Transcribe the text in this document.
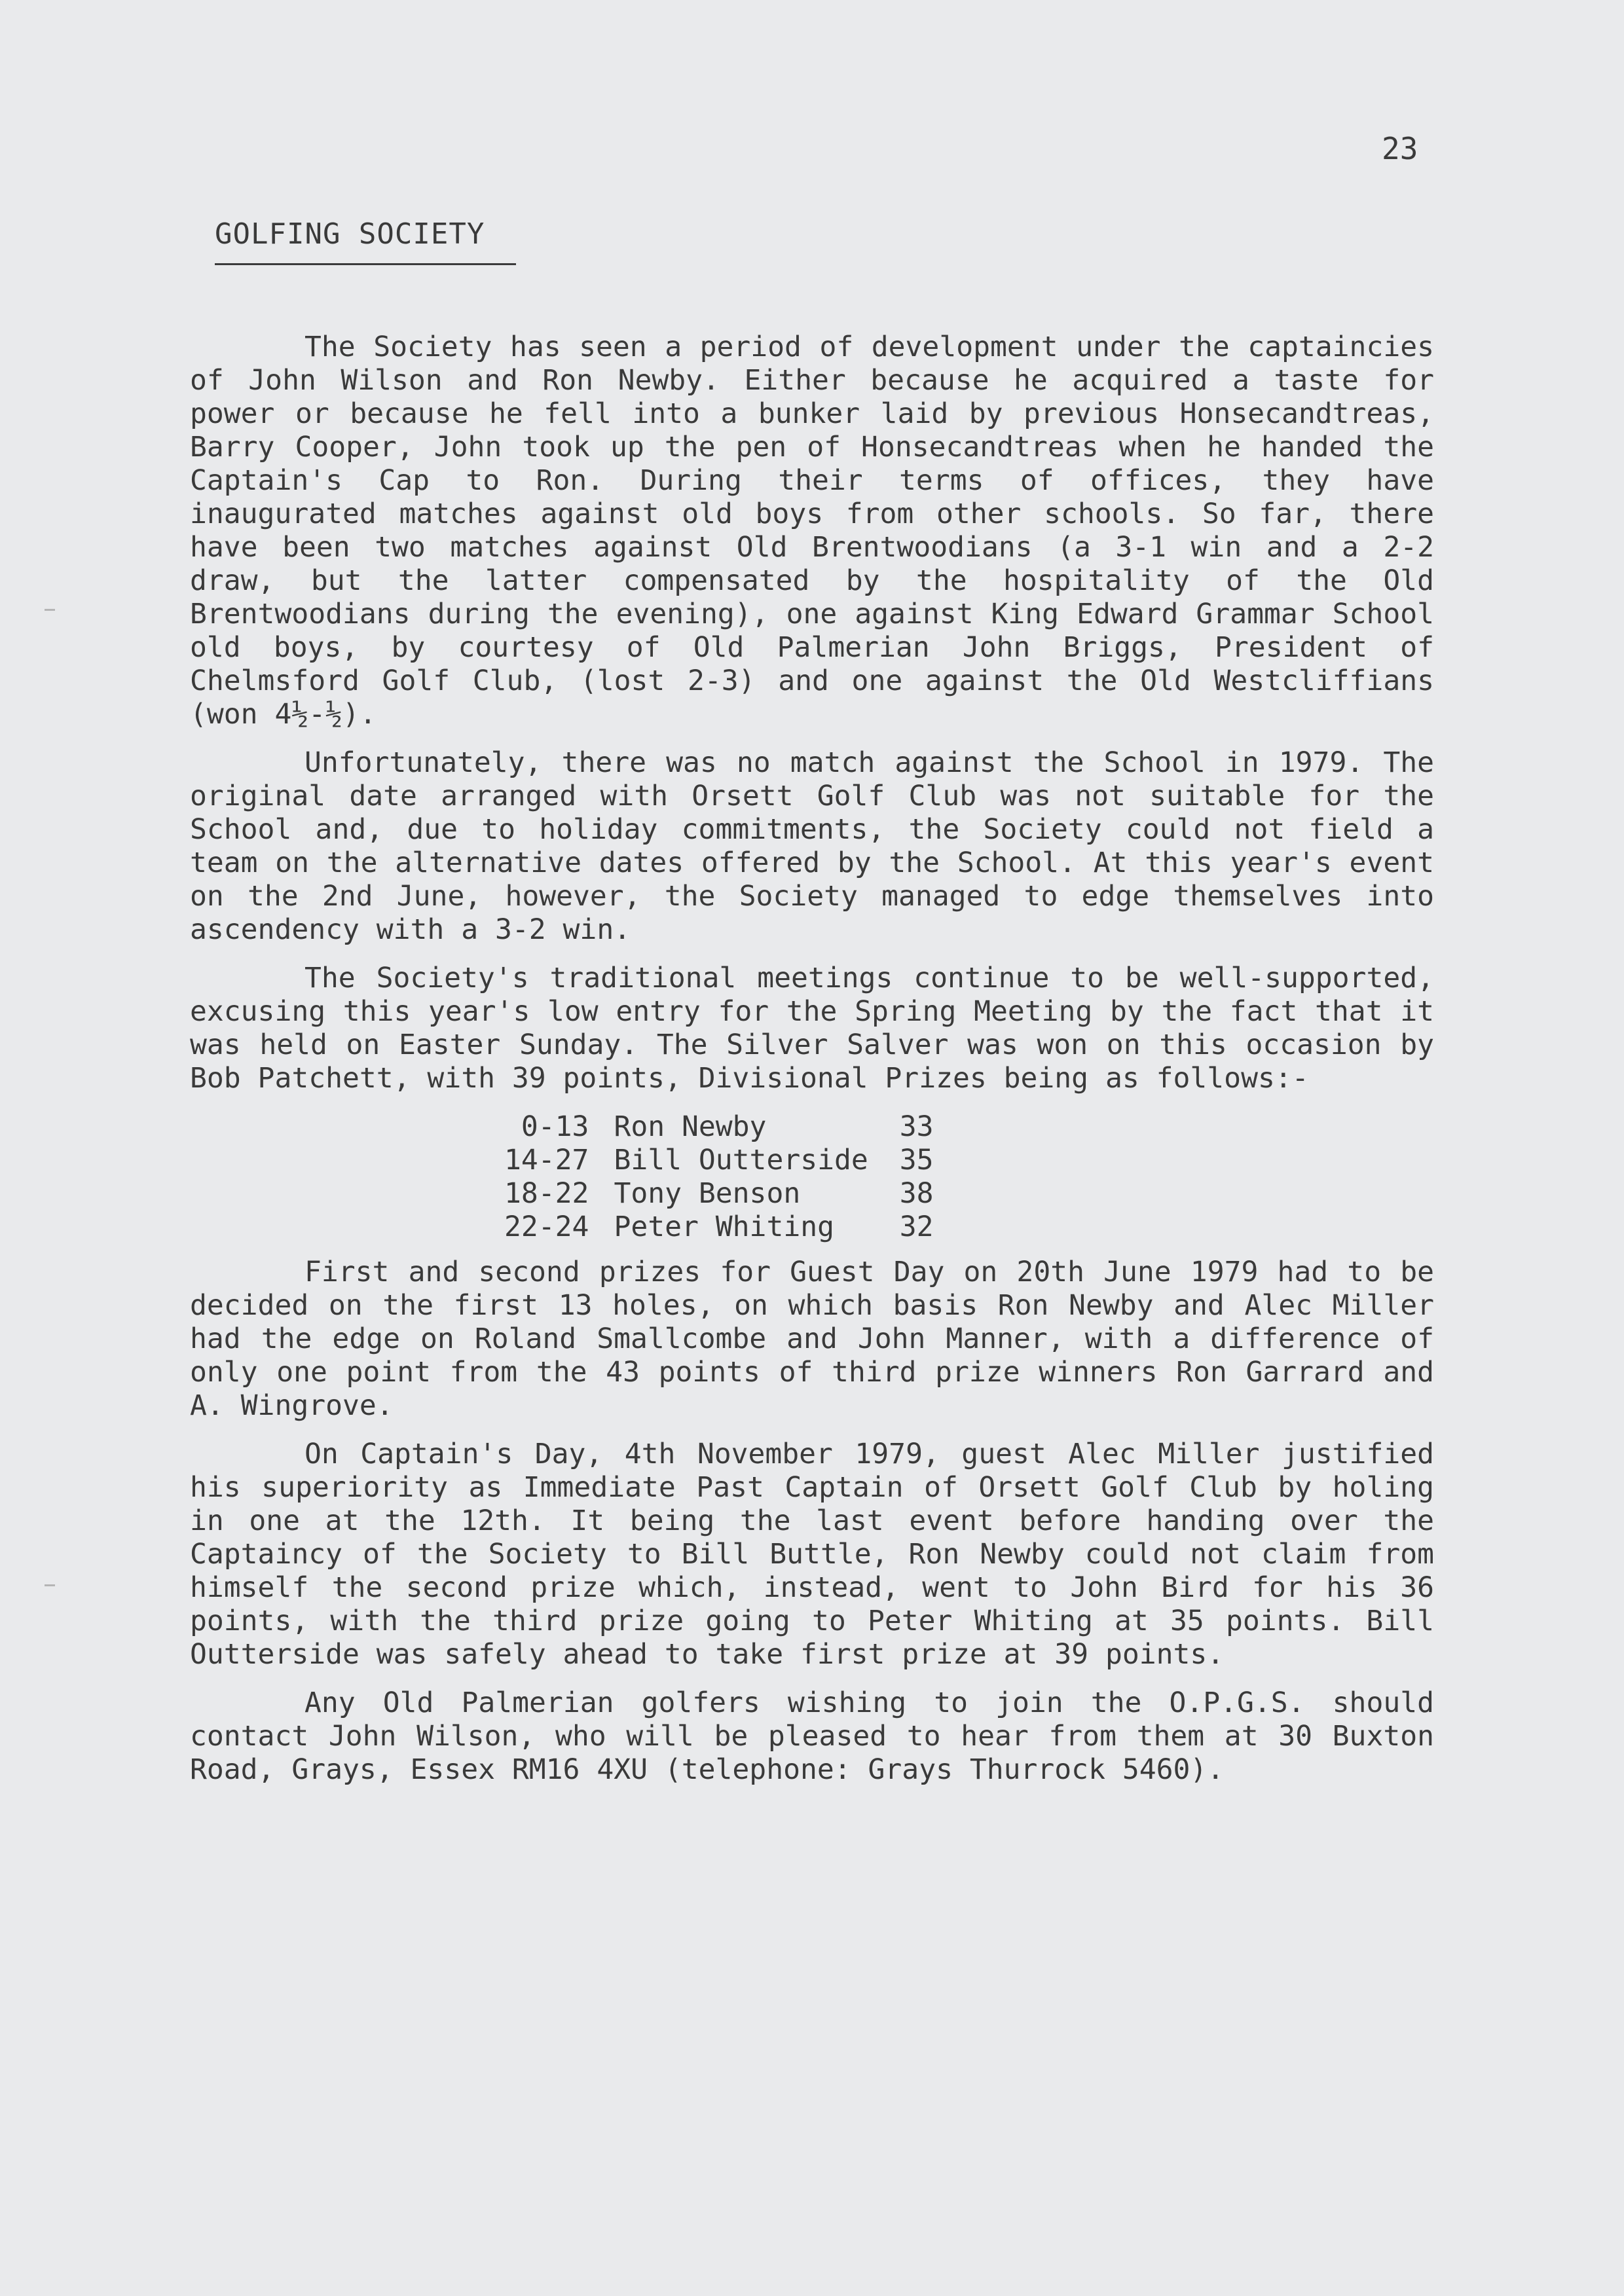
23
GOLFING SOCIETY

The Society has seen a period of development under the captaincies of John Wilson and Ron Newby. Either because he acquired a taste for power or because he fell into a bunker laid by previous Honsecandtreas, Barry Cooper, John took up the pen of Honsecandtreas when he handed the Captain's Cap to Ron. During their terms of offices, they have inaugurated matches against old boys from other schools. So far, there have been two matches against Old Brentwoodians (a 3-1 win and a 2-2 draw, but the latter compensated by the hospitality of the Old Brentwoodians during the evening), one against King Edward Grammar School old boys, by courtesy of Old Palmerian John Briggs, President of Chelmsford Golf Club, (lost 2-3) and one against the Old Westcliffians (won 4½-½).

Unfortunately, there was no match against the School in 1979. The original date arranged with Orsett Golf Club was not suitable for the School and, due to holiday commitments, the Society could not field a team on the alternative dates offered by the School. At this year's event on the 2nd June, however, the Society managed to edge themselves into ascendency with a 3-2 win.

The Society's traditional meetings continue to be well-supported, excusing this year's low entry for the Spring Meeting by the fact that it was held on Easter Sunday. The Silver Salver was won on this occasion by Bob Patchett, with 39 points, Divisional Prizes being as follows:-

0-13	Ron Newby	33
14-27	Bill Outterside	35
18-22	Tony Benson	38
22-24	Peter Whiting	32

First and second prizes for Guest Day on 20th June 1979 had to be decided on the first 13 holes, on which basis Ron Newby and Alec Miller had the edge on Roland Smallcombe and John Manner, with a difference of only one point from the 43 points of third prize winners Ron Garrard and A. Wingrove.

On Captain's Day, 4th November 1979, guest Alec Miller justified his superiority as Immediate Past Captain of Orsett Golf Club by holing in one at the 12th. It being the last event before handing over the Captaincy of the Society to Bill Buttle, Ron Newby could not claim from himself the second prize which, instead, went to John Bird for his 36 points, with the third prize going to Peter Whiting at 35 points. Bill Outterside was safely ahead to take first prize at 39 points.

Any Old Palmerian golfers wishing to join the O.P.G.S. should contact John Wilson, who will be pleased to hear from them at 30 Buxton Road, Grays, Essex RM16 4XU (telephone: Grays Thurrock 5460).
